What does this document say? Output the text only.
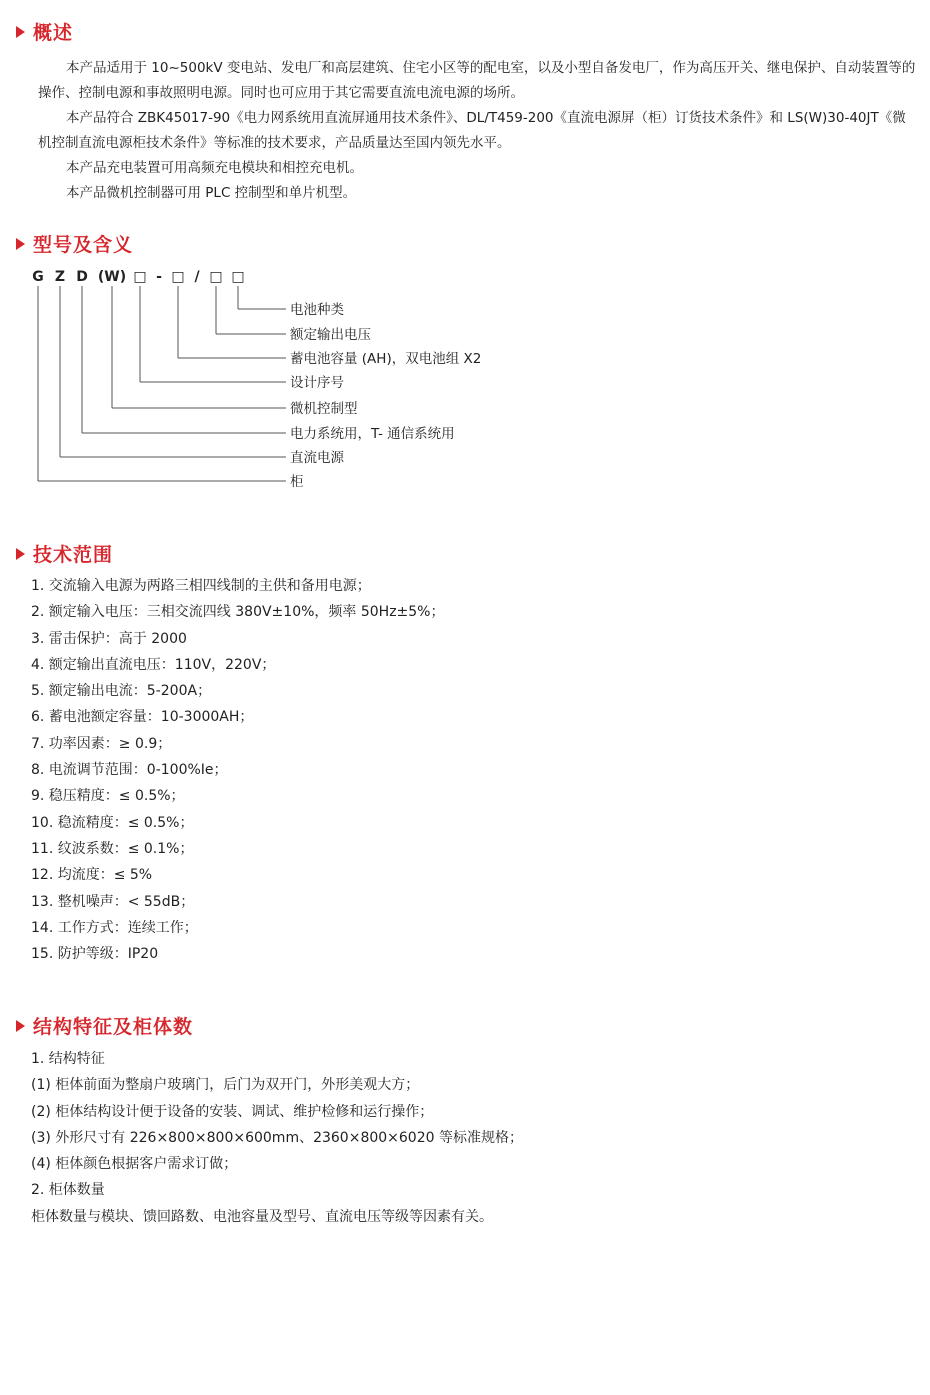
概述

本产品适用于 10~500kV 变电站、发电厂和高层建筑、住宅小区等的配电室，以及小型自备发电厂，作为高压开关、继电保护、自动装置等的操作、控制电源和事故照明电源。同时也可应用于其它需要直流电流电源的场所。

本产品符合 ZBK45017-90《电力网系统用直流屏通用技术条件》、DL/T459-200《直流电源屏（柜）订货技术条件》和 LS(W)30-40JT《微机控制直流电源柜技术条件》等标准的技术要求，产品质量达至国内领先水平。

本产品充电装置可用高频充电模块和相控充电机。

本产品微机控制器可用 PLC 控制型和单片机型。

型号及含义
G Z D (W) □ - □ / □ □
电池种类
额定输出电压
蓄电池容量 (AH)，双电池组 X2
设计序号
微机控制型
电力系统用，T- 通信系统用
直流电源
柜
技术范围
1. 交流输入电源为两路三相四线制的主供和备用电源；
2. 额定输入电压：三相交流四线 380V±10%，频率 50Hz±5%；
3. 雷击保护：高于 2000
4. 额定输出直流电压：110V，220V；
5. 额定输出电流：5-200A；
6. 蓄电池额定容量：10-3000AH；
7. 功率因素：≥ 0.9；
8. 电流调节范围：0-100%Ie；
9. 稳压精度：≤ 0.5%；
10. 稳流精度：≤ 0.5%；
11. 纹波系数：≤ 0.1%；
12. 均流度：≤ 5%
13. 整机噪声：< 55dB；
14. 工作方式：连续工作；
15. 防护等级：IP20
结构特征及柜体数
1. 结构特征
(1) 柜体前面为整扇户玻璃门，后门为双开门，外形美观大方；
(2) 柜体结构设计便于设备的安装、调试、维护检修和运行操作；
(3) 外形尺寸有 226×800×800×600mm、2360×800×6020 等标准规格；
(4) 柜体颜色根据客户需求订做；
2. 柜体数量
柜体数量与模块、馈回路数、电池容量及型号、直流电压等级等因素有关。
